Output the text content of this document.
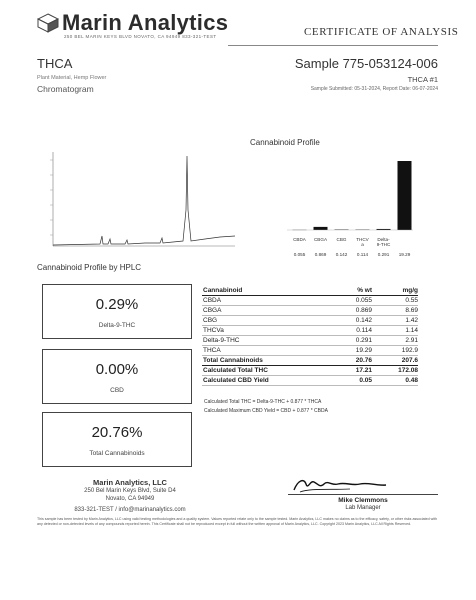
Marin Analytics
250 BEL MARIN KEYS BLVD NOVATO, CA 94949 833-321-TEST	CERTIFICATE OF ANALYSIS
THCA
Plant Material, Hemp Flower
Chromatogram
Sample 775-053124-006
THCA #1
Sample Submitted: 05-31-2024, Report Date: 06-07-2024
Cannabinoid Profile
CBDA
0.055
CBGA
0.869
CBG
0.142
THCV
a
0.114
Delta-
9-THC
0.291 19.29
Cannabinoid Profile by HPLC
0.29%
Delta-9-THC
0.00%
CBD
20.76%
Total Cannabinoids
Cannabinoid	% wt	mg/g
CBDA	0.055	0.55
CBGA	0.869	8.69
CBG	0.142	1.42
THCVa	0.114	1.14
Delta-9-THC	0.291	2.91
THCA	19.29	192.9
Total Cannabinoids	20.76	207.6
Calculated Total THC	17.21	172.08
Calculated CBD Yield	0.05	0.48
Calculated Total THC = Delta-9-THC + 0.877 * THCA
Calculated Maximum CBD Yield = CBD + 0.877 * CBDA
Marin Analytics, LLC
250 Bel Marin Keys Blvd, Suite D4
Novato, CA 94949
833-321-TEST / info@marinanalytics.com
Mike Clemmons
Lab Manager
This sample has been tested by Marin Analytics, LLC using valid testing methodologies and a quality system. Values reported relate only to the sample tested. Marin Analytics, LLC makes no claims as to the efficacy, safety, or other risks associated with any detected or non-detected levels of any compounds reported herein. This Certificate shall not be reproduced except in full without the written approval of Marin Analytics, LLC. Copyright 2023 Marin Analytics, LLC All Rights Reserved.
